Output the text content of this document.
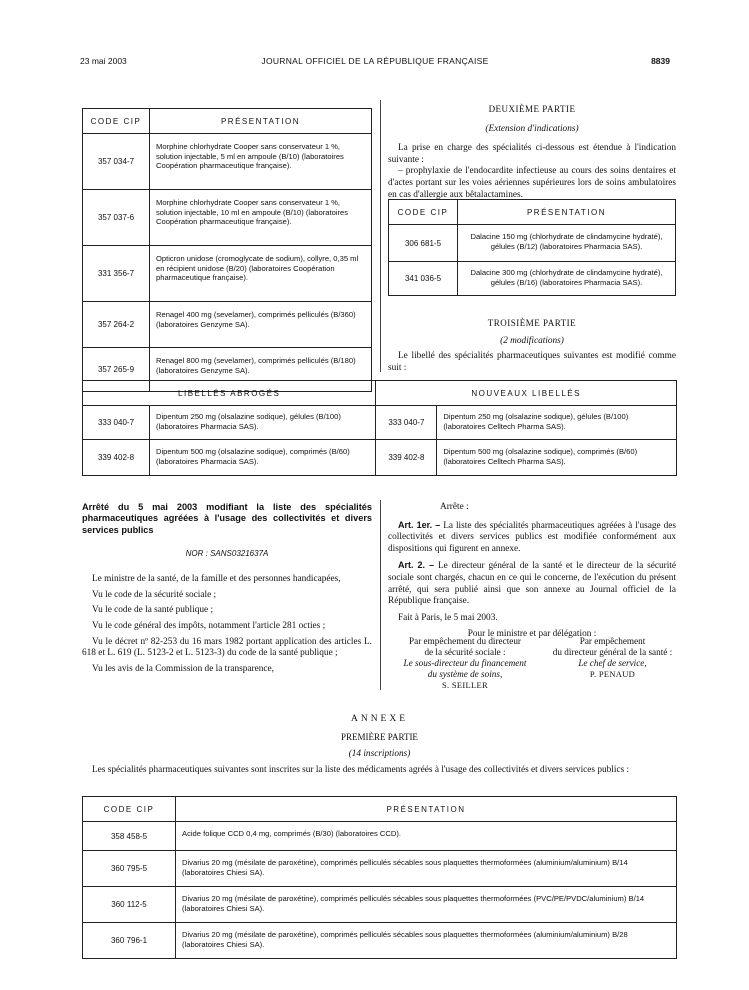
23 mai 2003	JOURNAL OFFICIEL DE LA RÉPUBLIQUE FRANÇAISE	8839
CODE CIP	PRÉSENTATION
357 034-7	Morphine chlorhydrate Cooper sans conservateur 1 %, solution injectable, 5 ml en ampoule (B/10) (laboratoires Coopération pharmaceutique française).
357 037-6	Morphine chlorhydrate Cooper sans conservateur 1 %, solution injectable, 10 ml en ampoule (B/10) (laboratoires Coopération pharmaceutique française).
331 356-7	Opticron unidose (cromoglycate de sodium), collyre, 0,35 ml en récipient unidose (B/20) (laboratoires Coopération pharmaceutique française).
357 264-2	Renagel 400 mg (sevelamer), comprimés pelliculés (B/360) (laboratoires Genzyme SA).
357 265-9	Renagel 800 mg (sevelamer), comprimés pelliculés (B/180) (laboratoires Genzyme SA).

DEUXIÈME PARTIE

(Extension d'indications)

La prise en charge des spécialités ci-dessous est étendue à l'indication suivante :

– prophylaxie de l'endocardite infectieuse au cours des soins dentaires et d'actes portant sur les voies aériennes supérieures lors de soins ambulatoires en cas d'allergie aux bêtalactamines.

CODE CIP	PRÉSENTATION
306 681-5	Dalacine 150 mg (chlorhydrate de clindamycine hydraté), gélules (B/12) (laboratoires Pharmacia SAS).
341 036-5	Dalacine 300 mg (chlorhydrate de clindamycine hydraté), gélules (B/16) (laboratoires Pharmacia SAS).

TROISIÈME PARTIE

(2 modifications)

Le libellé des spécialités pharmaceutiques suivantes est modifié comme suit :

LIBELLÉS ABROGÉS		NOUVEAUX LIBELLÉS	
333 040-7	Dipentum 250 mg (olsalazine sodique), gélules (B/100) (laboratoires Pharmacia SAS).	333 040-7	Dipentum 250 mg (olsalazine sodique), gélules (B/100) (laboratoires Celltech Pharma SAS).
339 402-8	Dipentum 500 mg (olsalazine sodique), comprimés (B/60) (laboratoires Pharmacia SAS).	339 402-8	Dipentum 500 mg (olsalazine sodique), comprimés (B/60) (laboratoires Celltech Pharma SAS).

Arrêté du 5 mai 2003 modifiant la liste des spécialités pharmaceutiques agréées à l'usage des collectivités et divers services publics

NOR : SANS0321637A

Le ministre de la santé, de la famille et des personnes handicapées,

Vu le code de la sécurité sociale ;

Vu le code de la santé publique ;

Vu le code général des impôts, notamment l'article 281 octies ;

Vu le décret nº 82-253 du 16 mars 1982 portant application des articles L. 618 et L. 619 (L. 5123-2 et L. 5123-3) du code de la santé publique ;

Vu les avis de la Commission de la transparence,

Arrête :

Art. 1er. – La liste des spécialités pharmaceutiques agréées à l'usage des collectivités et divers services publics est modifiée conformément aux dispositions qui figurent en annexe.

Art. 2. – Le directeur général de la santé et le directeur de la sécurité sociale sont chargés, chacun en ce qui le concerne, de l'exécution du présent arrêté, qui sera publié ainsi que son annexe au Journal officiel de la République française.

Fait à Paris, le 5 mai 2003.

Pour le ministre et par délégation :

Par empêchement du directeur
de la sécurité sociale :
Le sous-directeur du financement
du système de soins,
S. SEILLER
Par empêchement
du directeur général de la santé :
Le chef de service,
P. PENAUD

ANNEXE

PREMIÈRE PARTIE

(14 inscriptions)

Les spécialités pharmaceutiques suivantes sont inscrites sur la liste des médicaments agréés à l'usage des collectivités et divers services publics :

CODE CIP	PRÉSENTATION
358 458-5	Acide folique CCD 0,4 mg, comprimés (B/30) (laboratoires CCD).
360 795-5	Divarius 20 mg (mésilate de paroxétine), comprimés pelliculés sécables sous plaquettes thermoformées (aluminium/aluminium) B/14 (laboratoires Chiesi SA).
360 112-5	Divarius 20 mg (mésilate de paroxétine), comprimés pelliculés sécables sous plaquettes thermoformées (PVC/PE/PVDC/aluminium) B/14 (laboratoires Chiesi SA).
360 796-1	Divarius 20 mg (mésilate de paroxétine), comprimés pelliculés sécables sous plaquettes thermoformées (aluminium/aluminium) B/28 (laboratoires Chiesi SA).
